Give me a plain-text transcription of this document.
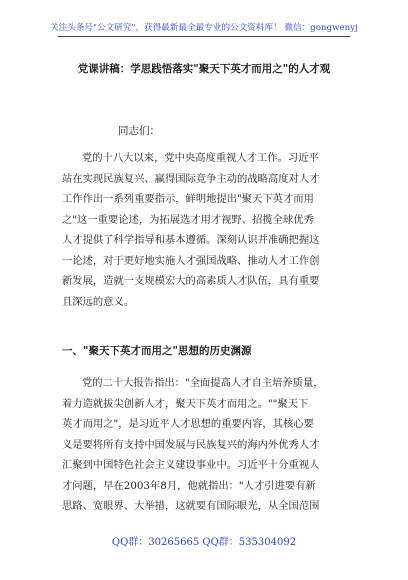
关注头条号"公文研究"，获得最新最全最专业的公文资料库！ 微信：gongwenyj
党课讲稿：学思践悟落实"聚天下英才而用之"的人才观
同志们：
党的十八大以来，党中央高度重视人才工作。习近平
站在实现民族复兴、赢得国际竞争主动的战略高度对人才
工作作出一系列重要指示，鲜明地提出"聚天下英才而用
之"这一重要论述，为拓展选才用才视野、招揽全球优秀
人才提供了科学指导和基本遵循。深刻认识并准确把握这
一论述，对于更好地实施人才强国战略、推动人才工作创
新发展，造就一支规模宏大的高素质人才队伍，具有重要
且深远的意义。
一、"聚天下英才而用之"思想的历史渊源
党的二十大报告指出："全面提高人才自主培养质量，
着力造就拔尖创新人才，聚天下英才而用之。""聚天下
英才而用之"，是习近平人才思想的重要内容，其核心要
义是要将所有支持中国发展与民族复兴的海内外优秀人才
汇聚到中国特色社会主义建设事业中。习近平十分重视人
才问题，早在2003年8月，他就指出："人才引进要有新
思路、宽眼界、大举措，这就要有国际眼光，从全国范围
QQ群：30265665 QQ群：535304092
